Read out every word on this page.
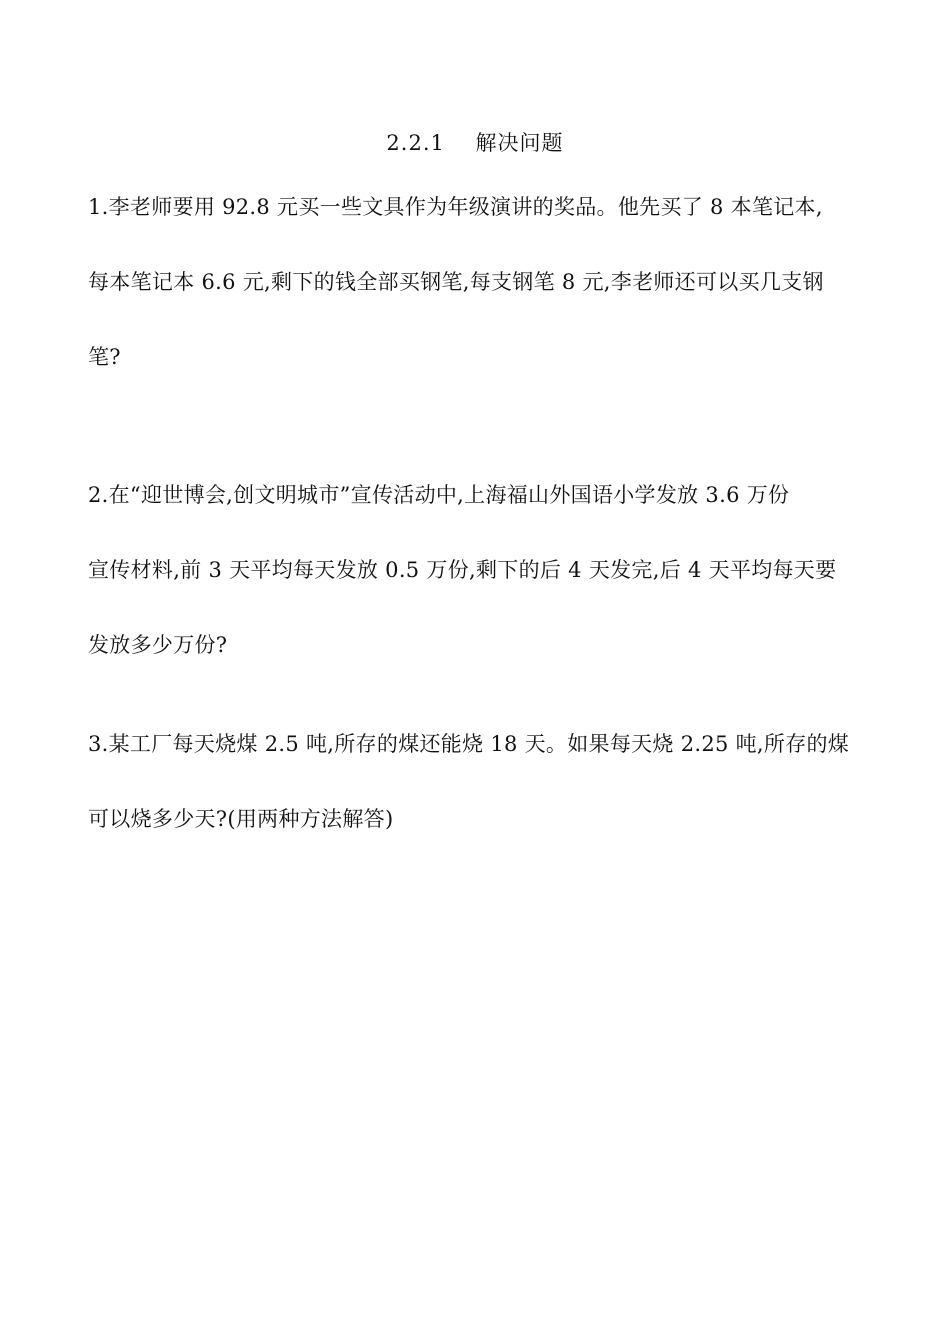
2.2.1    解决问题
1.李老师要用 92.8 元买一些文具作为年级演讲的奖品。他先买了 8 本笔记本,
每本笔记本 6.6 元,剩下的钱全部买钢笔,每支钢笔 8 元,李老师还可以买几支钢
笔?
2.在“迎世博会,创文明城市”宣传活动中,上海福山外国语小学发放 3.6 万份
宣传材料,前 3 天平均每天发放 0.5 万份,剩下的后 4 天发完,后 4 天平均每天要
发放多少万份?
3.某工厂每天烧煤 2.5 吨,所存的煤还能烧 18 天。如果每天烧 2.25 吨,所存的煤
可以烧多少天?(用两种方法解答)
